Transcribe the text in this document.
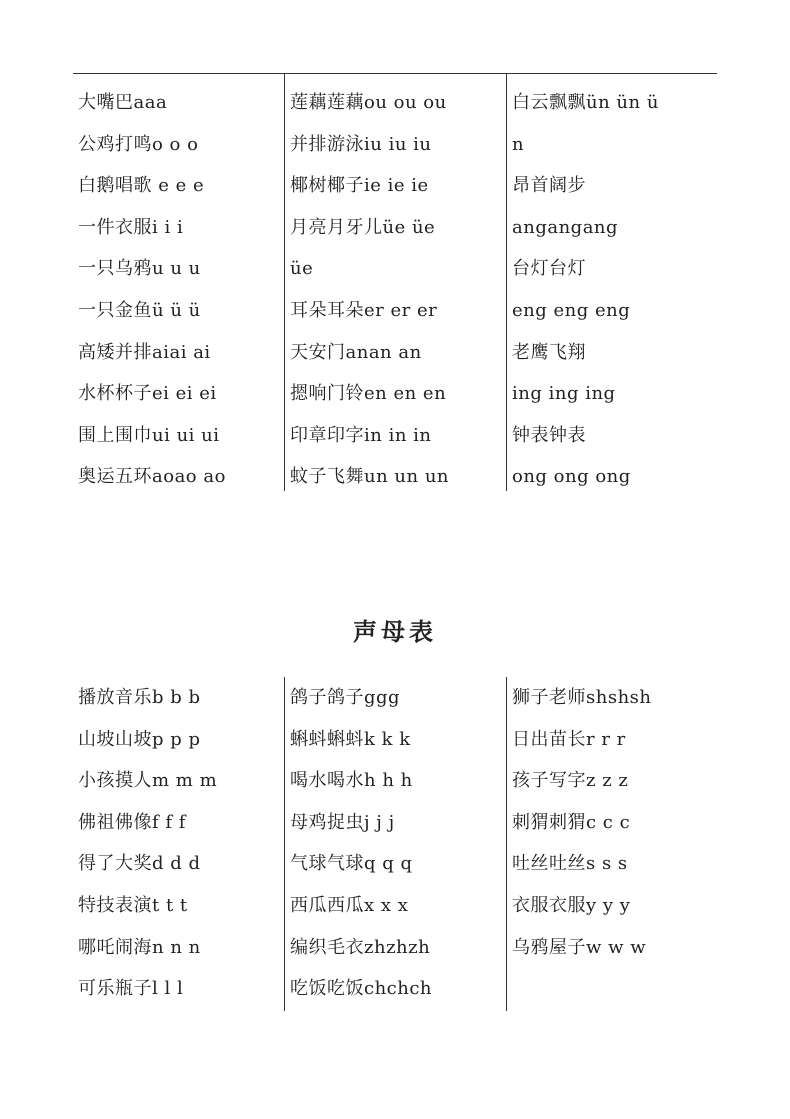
大嘴巴aaa
公鸡打鸣o o o
白鹅唱歌 e e e
一件衣服i i i
一只乌鸦u u u
一只金鱼ü ü ü
高矮并排aiai ai
水杯杯子ei ei ei
围上围巾ui ui ui
奥运五环aoao ao
莲藕莲藕ou ou ou
并排游泳iu iu iu
椰树椰子ie ie ie
月亮月牙儿üe üe
üe
耳朵耳朵er er er
天安门anan an
摁响门铃en en en
印章印字in in in
蚊子飞舞un un un
白云飘飘ün ün ü
n
昂首阔步
angangang
台灯台灯
eng eng eng
老鹰飞翔
ing ing ing
钟表钟表
ong ong ong
声母表
播放音乐b b b
山坡山坡p p p
小孩摸人m m m
佛祖佛像f f f
得了大奖d d d
特技表演t t t
哪吒闹海n n n
可乐瓶子l l l
鸽子鸽子ggg
蝌蚪蝌蚪k k k
喝水喝水h h h
母鸡捉虫j j j
气球气球q q q
西瓜西瓜x x x
编织毛衣zhzhzh
吃饭吃饭chchch
狮子老师shshsh
日出苗长r r r
孩子写字z z z
刺猬刺猬c c c
吐丝吐丝s s s
衣服衣服y y y
乌鸦屋子w w w
